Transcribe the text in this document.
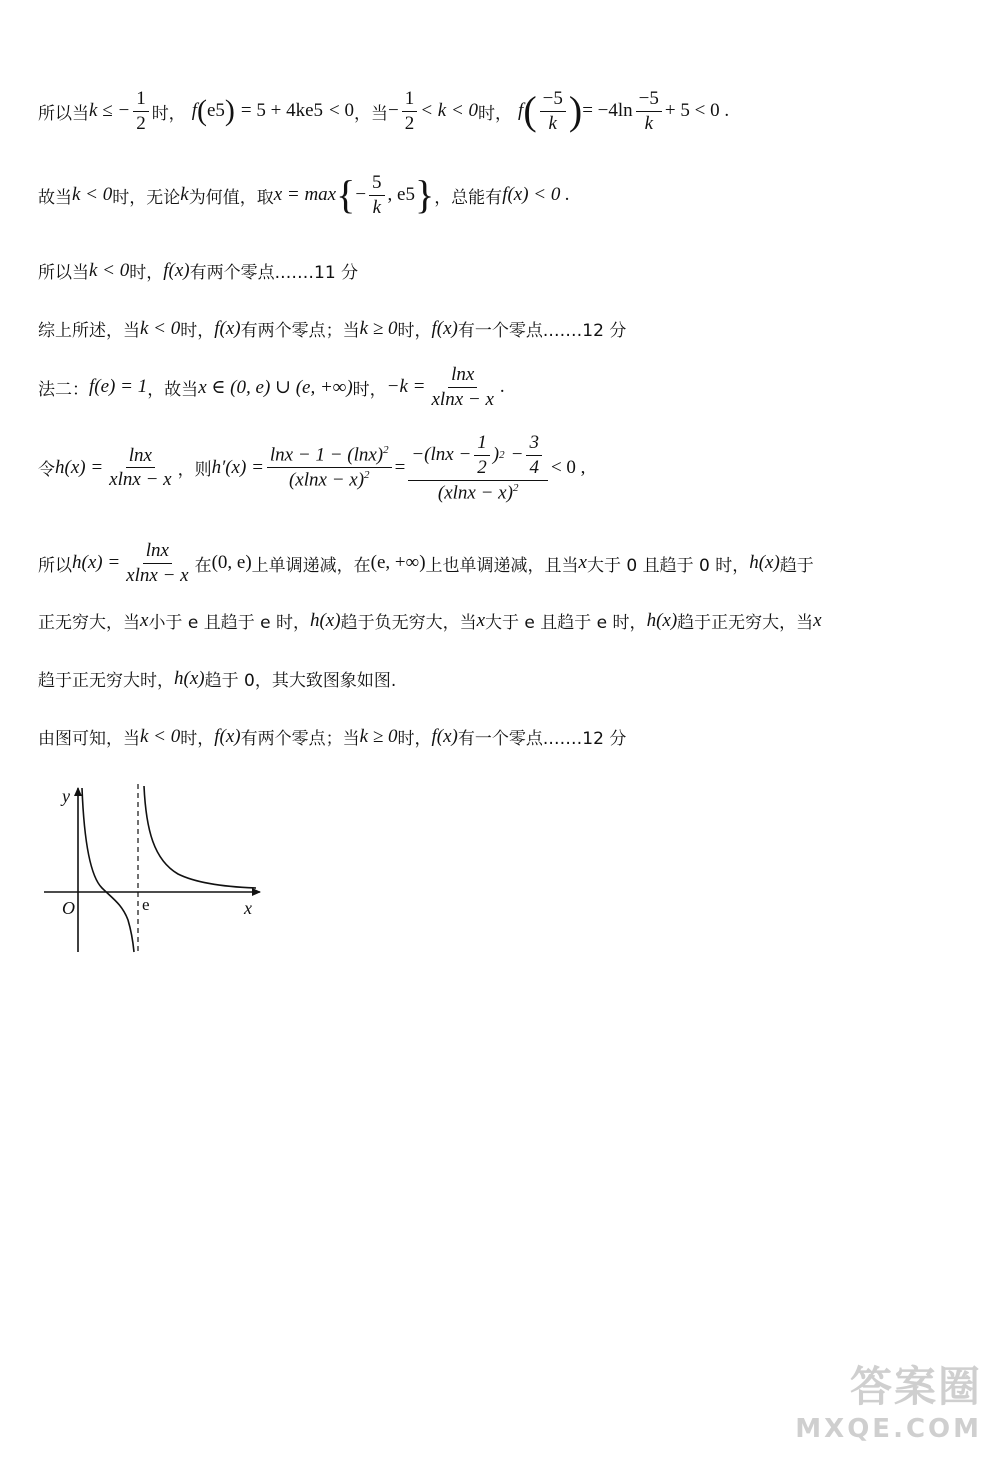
所以当 k ≤ − $\frac{1}{2}$ 时， f ( e 5 ) = 5 + 4ke 5 < 0 ，当 − $\frac{1}{2} < k < 0$ 时， f ( $\frac{-5}{k}$ ) = $-4\ln \frac{-5}{k} + 5 < 0$ .
故当 k < 0 时，无论 k 为何值，取 x = max { − $\frac{5}{k}$ , e 5 } ，总能有 f(x) < 0 .
所以当 k < 0 时， f(x) 有两个零点.……11 分
综上所述，当 k < 0 时， f(x) 有两个零点；当 k ≥ 0 时， f(x) 有一个零点.……12 分
法二： f(e) = 1 ，故当 x ∈ (0, e) ∪ (e, +∞) 时， $-k = \frac{\ln x}{xlnx - x}$ .
令 $h(x) = \frac{\ln x}{xlnx - x}$ ，则 $h'(x) = \frac{\ln x - 1 - (\ln x)^2}{(xlnx - x)^2} = \frac{-(\ln x - \frac{1}{2} ) 2 - \frac{3}{4}}{(xlnx - x)^2} < 0$ ,
所以 $h(x) = \frac{\ln x}{xlnx - x}$ 在 (0, e) 上单调递减，在 (e, +∞) 上也单调递减，且当 x 大于 0 且趋于 0 时， h(x) 趋于
正无穷大，当 x 小于 e 且趋于 e 时， h(x) 趋于负无穷大，当 x 大于 e 且趋于 e 时， h(x) 趋于正无穷大，当 x
趋于正无穷大时， h(x) 趋于 0，其大致图象如图.
由图可知，当 k < 0 时， f(x) 有两个零点；当 k ≥ 0 时， f(x) 有一个零点.……12 分
y
x
O	e
答案圈
MXQE.COM
